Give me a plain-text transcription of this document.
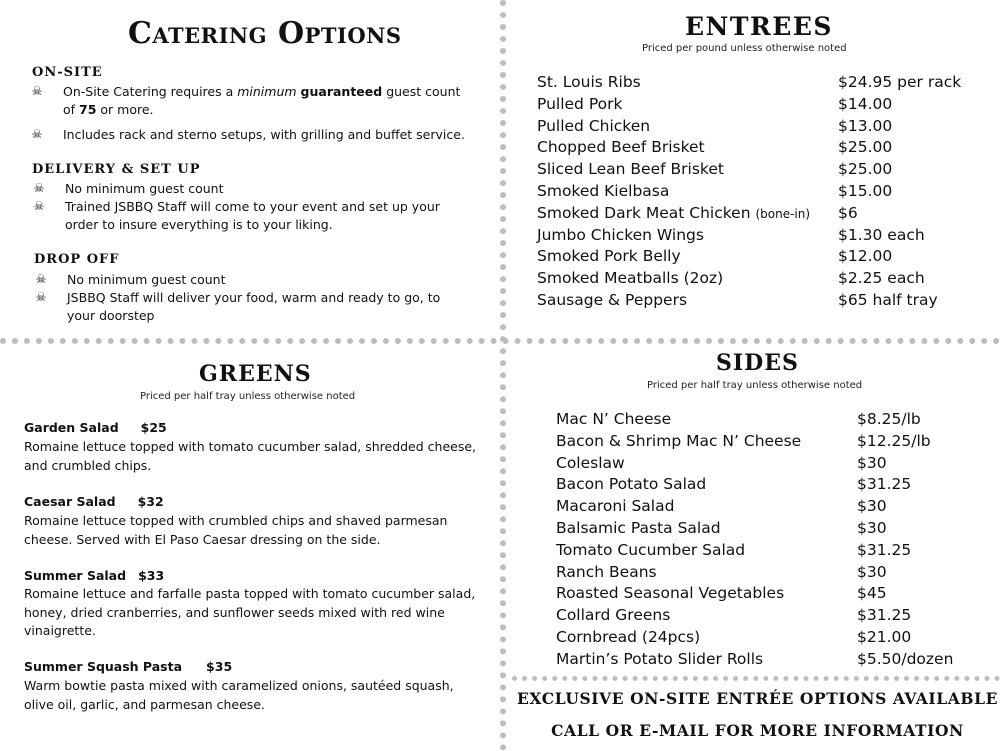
Catering Options
ON-SITE
☠ On-Site Catering requires a minimum guaranteed guest count
of 75 or more.
☠ Includes rack and sterno setups, with grilling and buffet service.
DELIVERY & SET UP
☠ No minimum guest count
☠ Trained JSBBQ Staff will come to your event and set up your
order to insure everything is to your liking.
DROP OFF
☠ No minimum guest count
☠ JSBBQ Staff will deliver your food, warm and ready to go, to
your doorstep
ENTREES
Priced per pound unless otherwise noted
St. Louis Ribs	$24.95 per rack
Pulled Pork	$14.00
Pulled Chicken	$13.00
Chopped Beef Brisket	$25.00
Sliced Lean Beef Brisket	$25.00
Smoked Kielbasa	$15.00
Smoked Dark Meat Chicken (bone-in) $6
Jumbo Chicken Wings	$1.30 each
Smoked Pork Belly	$12.00
Smoked Meatballs (2oz)	$2.25 each
Sausage & Peppers	$65 half tray
GREENS
Priced per half tray unless otherwise noted
Garden Salad $25
Romaine lettuce topped with tomato cucumber salad, shredded cheese,
and crumbled chips.
Caesar Salad $32
Romaine lettuce topped with crumbled chips and shaved parmesan
cheese. Served with El Paso Caesar dressing on the side.
Summer Salad $33
Romaine lettuce and farfalle pasta topped with tomato cucumber salad,
honey, dried cranberries, and sunflower seeds mixed with red wine
vinaigrette.
Summer Squash Pasta $35
Warm bowtie pasta mixed with caramelized onions, sautéed squash,
olive oil, garlic, and parmesan cheese.
SIDES
Priced per half tray unless otherwise noted
Mac N’ Cheese	$8.25/lb
Bacon & Shrimp Mac N’ Cheese	$12.25/lb
Coleslaw	$30
Bacon Potato Salad	$31.25
Macaroni Salad	$30
Balsamic Pasta Salad	$30
Tomato Cucumber Salad	$31.25
Ranch Beans	$30
Roasted Seasonal Vegetables	$45
Collard Greens	$31.25
Cornbread (24pcs)	$21.00
Martin’s Potato Slider Rolls	$5.50/dozen
EXCLUSIVE ON-SITE ENTRÉE OPTIONS AVAILABLE
CALL OR E-MAIL FOR MORE INFORMATION
